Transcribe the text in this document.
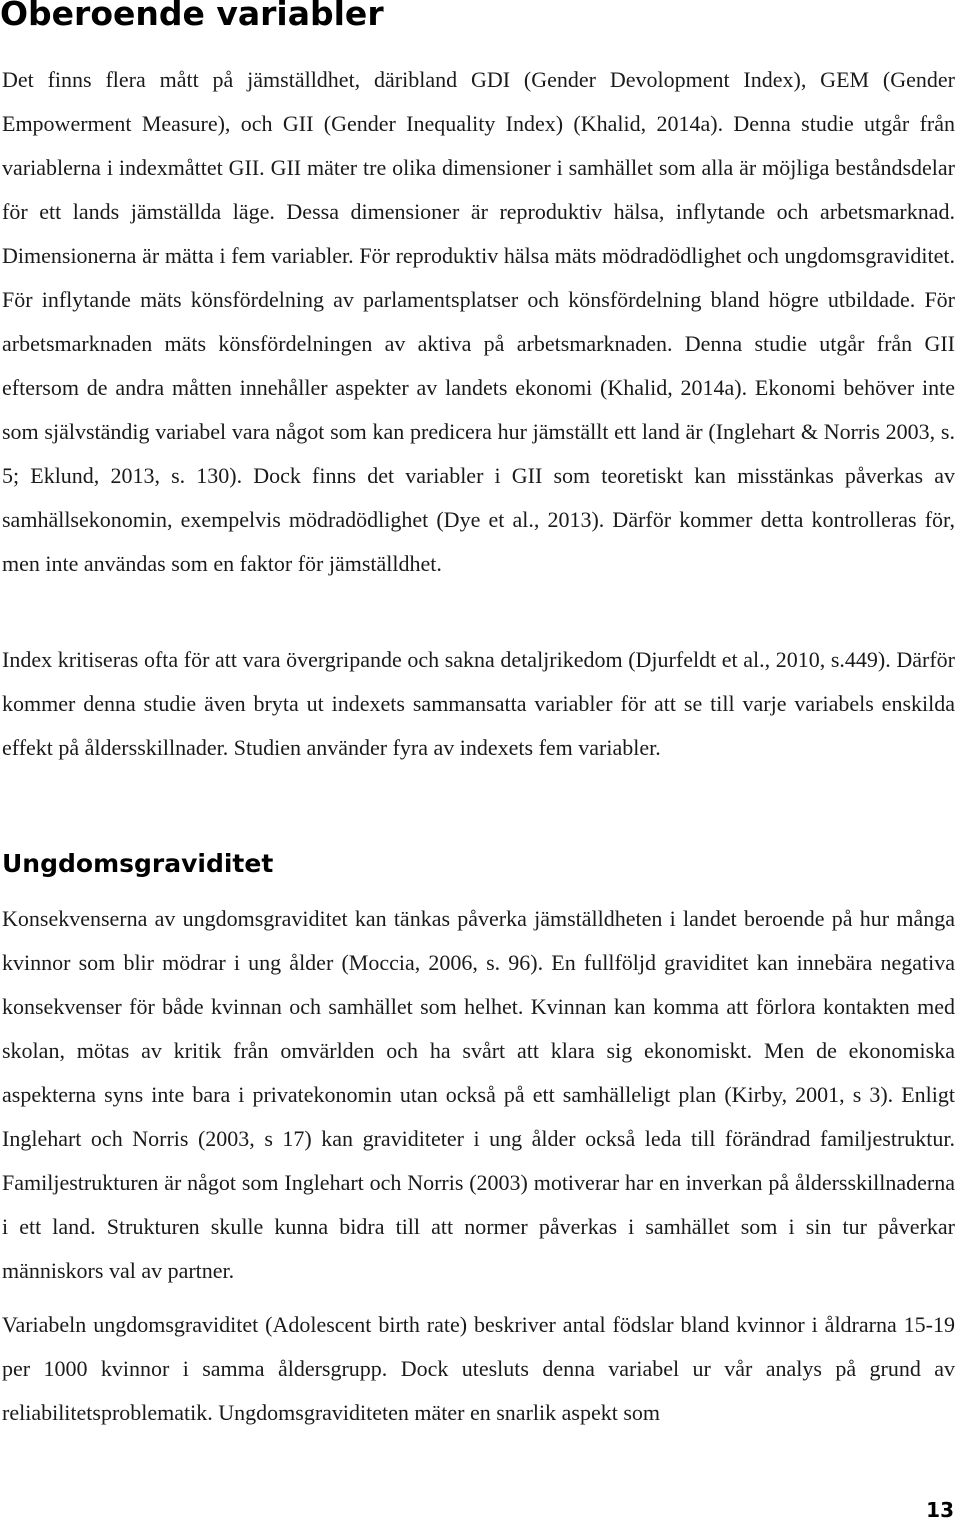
Oberoende variabler

Det finns flera mått på jämställdhet, däribland GDI (Gender Devolopment Index), GEM (Gender Empowerment Measure), och GII (Gender Inequality Index) (Khalid, 2014a). Denna studie utgår från variablerna i indexmåttet GII. GII mäter tre olika dimensioner i samhället som alla är möjliga beståndsdelar för ett lands jämställda läge. Dessa dimensioner är reproduktiv hälsa, inflytande och arbetsmarknad. Dimensionerna är mätta i fem variabler. För reproduktiv hälsa mäts mödradödlighet och ungdomsgraviditet. För inflytande mäts könsfördelning av parlamentsplatser och könsfördelning bland högre utbildade. För arbetsmarknaden mäts könsfördelningen av aktiva på arbetsmarknaden. Denna studie utgår från GII eftersom de andra måtten innehåller aspekter av landets ekonomi (Khalid, 2014a). Ekonomi behöver inte som självständig variabel vara något som kan predicera hur jämställt ett land är (Inglehart & Norris 2003, s. 5; Eklund, 2013, s. 130). Dock finns det variabler i GII som teoretiskt kan misstänkas påverkas av samhällsekonomin, exempelvis mödradödlighet (Dye et al., 2013). Därför kommer detta kontrolleras för, men inte användas som en faktor för jämställdhet.

Index kritiseras ofta för att vara övergripande och sakna detaljrikedom (Djurfeldt et al., 2010, s.449). Därför kommer denna studie även bryta ut indexets sammansatta variabler för att se till varje variabels enskilda effekt på åldersskillnader. Studien använder fyra av indexets fem variabler.

Ungdomsgraviditet

Konsekvenserna av ungdomsgraviditet kan tänkas påverka jämställdheten i landet beroende på hur många kvinnor som blir mödrar i ung ålder (Moccia, 2006, s. 96). En fullföljd graviditet kan innebära negativa konsekvenser för både kvinnan och samhället som helhet. Kvinnan kan komma att förlora kontakten med skolan, mötas av kritik från omvärlden och ha svårt att klara sig ekonomiskt. Men de ekonomiska aspekterna syns inte bara i privatekonomin utan också på ett samhälleligt plan (Kirby, 2001, s 3). Enligt Inglehart och Norris (2003, s 17) kan graviditeter i ung ålder också leda till förändrad familjestruktur. Familjestrukturen är något som Inglehart och Norris (2003) motiverar har en inverkan på åldersskillnaderna i ett land. Strukturen skulle kunna bidra till att normer påverkas i samhället som i sin tur påverkar människors val av partner.

Variabeln ungdomsgraviditet (Adolescent birth rate) beskriver antal födslar bland kvinnor i åldrarna 15-19 per 1000 kvinnor i samma åldersgrupp. Dock utesluts denna variabel ur vår analys på grund av reliabilitetsproblematik. Ungdomsgraviditeten mäter en snarlik aspekt som

13
